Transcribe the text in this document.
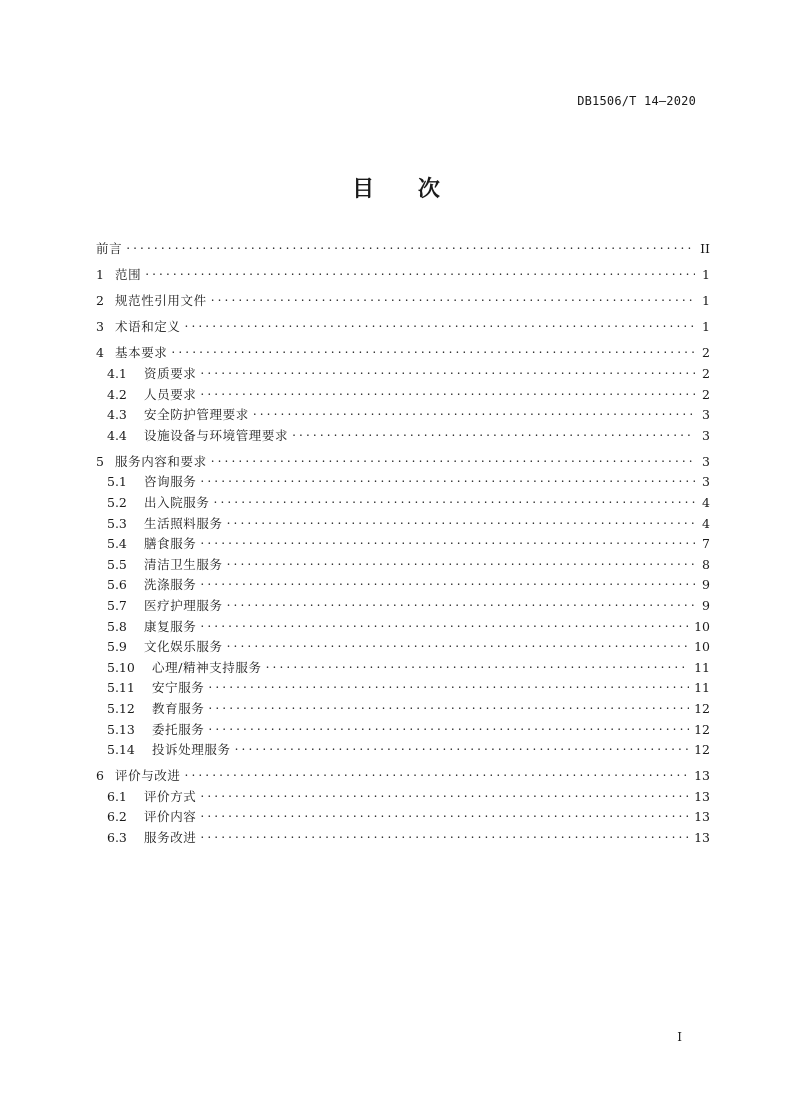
DB1506/T 14—2020
目 次
前言 . . .	II
1 范围 . . .	1
2 规范性引用文件 . . .	1
3 术语和定义 . . .	1
4 基本要求 . . .	2
4.1	资质要求 . . .	2
4.2	人员要求 . . .	2
4.3	安全防护管理要求 . . .	3
4.4	设施设备与环境管理要求 . . .	3
5 服务内容和要求 . . .	3
5.1	咨询服务 . . .	3
5.2	出入院服务 . . .	4
5.3	生活照料服务 . . .	4
5.4	膳食服务 . . .	7
5.5	清洁卫生服务 . . .	8
5.6	洗涤服务 . . .	9
5.7	医疗护理服务 . . .	9
5.8	康复服务 . . .	10
5.9	文化娱乐服务 . . .	10
5.10	心理/精神支持服务 . . .	11
5.11	安宁服务 . . .	11
5.12	教育服务 . . .	12
5.13	委托服务 . . .	12
5.14	投诉处理服务 . . .	12
6 评价与改进 . . .	13
6.1	评价方式 . . .	13
6.2	评价内容 . . .	13
6.3	服务改进 . . .	13
I
